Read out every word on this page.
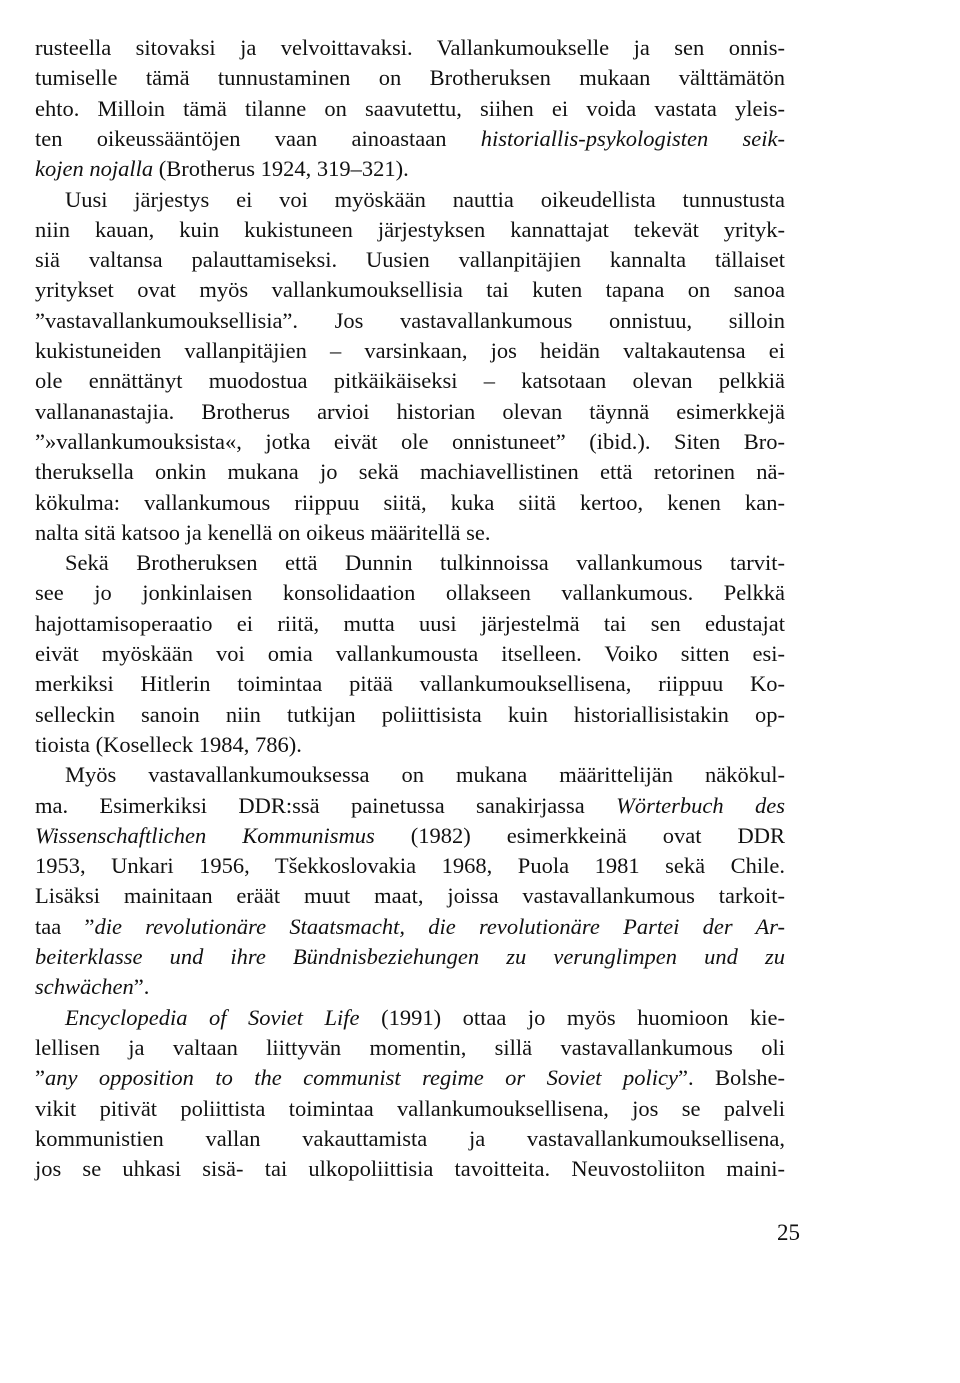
rusteella sitovaksi ja velvoittavaksi. Vallankumoukselle ja sen onnis-
tumiselle tämä tunnustaminen on Brotheruksen mukaan välttämätön
ehto. Milloin tämä tilanne on saavutettu, siihen ei voida vastata yleis-
ten oikeussääntöjen vaan ainoastaan historiallis-psykologisten seik-
kojen nojalla (Brotherus 1924, 319–321).
Uusi järjestys ei voi myöskään nauttia oikeudellista tunnustusta
niin kauan, kuin kukistuneen järjestyksen kannattajat tekevät yrityk-
siä valtansa palauttamiseksi. Uusien vallanpitäjien kannalta tällaiset
yritykset ovat myös vallankumouksellisia tai kuten tapana on sanoa
”vastavallankumouksellisia”. Jos vastavallankumous onnistuu, silloin
kukistuneiden vallanpitäjien – varsinkaan, jos heidän valtakautensa ei
ole ennättänyt muodostua pitkäikäiseksi – katsotaan olevan pelkkiä
vallananastajia. Brotherus arvioi historian olevan täynnä esimerkkejä
”»vallankumouksista«, jotka eivät ole onnistuneet” (ibid.). Siten Bro-
theruksella onkin mukana jo sekä machiavellistinen että retorinen nä-
kökulma: vallankumous riippuu siitä, kuka siitä kertoo, kenen kan-
nalta sitä katsoo ja kenellä on oikeus määritellä se.
Sekä Brotheruksen että Dunnin tulkinnoissa vallankumous tarvit-
see jo jonkinlaisen konsolidaation ollakseen vallankumous. Pelkkä
hajottamisoperaatio ei riitä, mutta uusi järjestelmä tai sen edustajat
eivät myöskään voi omia vallankumousta itselleen. Voiko sitten esi-
merkiksi Hitlerin toimintaa pitää vallankumouksellisena, riippuu Ko-
selleckin sanoin niin tutkijan poliittisista kuin historiallisistakin op-
tioista (Koselleck 1984, 786).
Myös vastavallankumouksessa on mukana määrittelijän näkökul-
ma. Esimerkiksi DDR:ssä painetussa sanakirjassa Wörterbuch des
Wissenschaftlichen Kommunismus (1982) esimerkkeinä ovat DDR
1953, Unkari 1956, Tšekkoslovakia 1968, Puola 1981 sekä Chile.
Lisäksi mainitaan eräät muut maat, joissa vastavallankumous tarkoit-
taa ”die revolutionäre Staatsmacht, die revolutionäre Partei der Ar-
beiterklasse und ihre Bündnisbeziehungen zu verunglimpen und zu
schwächen”.
Encyclopedia of Soviet Life (1991) ottaa jo myös huomioon kie-
lellisen ja valtaan liittyvän momentin, sillä vastavallankumous oli
”any opposition to the communist regime or Soviet policy”. Bolshe-
vikit pitivät poliittista toimintaa vallankumouksellisena, jos se palveli
kommunistien vallan vakauttamista ja vastavallankumouksellisena,
jos se uhkasi sisä- tai ulkopoliittisia tavoitteita. Neuvostoliiton maini-
25
